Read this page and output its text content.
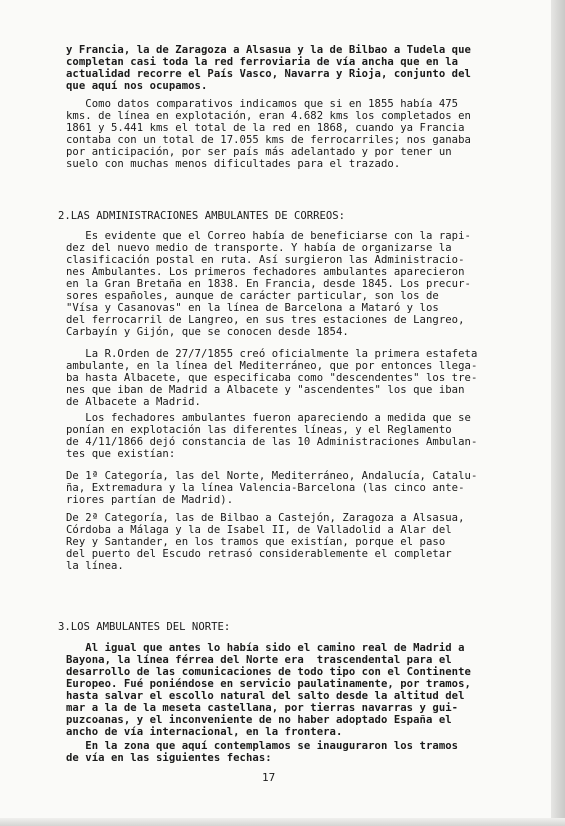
y Francia, la de Zaragoza a Alsasua y la de Bilbao a Tudela que
completan casi toda la red ferroviaria de vía ancha que en la
actualidad recorre el País Vasco, Navarra y Rioja, conjunto del
que aquí nos ocupamos.

Como datos comparativos indicamos que si en 1855 había 475
kms. de línea en explotación, eran 4.682 kms los completados en
1861 y 5.441 kms el total de la red en 1868, cuando ya Francia
contaba con un total de 17.055 kms de ferrocarriles; nos ganaba
por anticipación, por ser país más adelantado y por tener un
suelo con muchas menos dificultades para el trazado.

2.LAS ADMINISTRACIONES AMBULANTES DE CORREOS:

Es evidente que el Correo había de beneficiarse con la rapi-
dez del nuevo medio de transporte. Y había de organizarse la
clasificación postal en ruta. Así surgieron las Administracio-
nes Ambulantes. Los primeros fechadores ambulantes aparecieron
en la Gran Bretaña en 1838. En Francia, desde 1845. Los precur-
sores españoles, aunque de carácter particular, son los de
"Vísa y Casanovas" en la línea de Barcelona a Mataró y los
del ferrocarril de Langreo, en sus tres estaciones de Langreo,
Carbayín y Gijón, que se conocen desde 1854.

La R.Orden de 27/7/1855 creó oficialmente la primera estafeta
ambulante, en la línea del Mediterráneo, que por entonces llega-
ba hasta Albacete, que especificaba como "descendentes" los tre-
nes que iban de Madrid a Albacete y "ascendentes" los que iban
de Albacete a Madrid.

Los fechadores ambulantes fueron apareciendo a medida que se
ponían en explotación las diferentes líneas, y el Reglamento
de 4/11/1866 dejó constancia de las 10 Administraciones Ambulan-
tes que existían:

De 1ª Categoría, las del Norte, Mediterráneo, Andalucía, Catalu-
ña, Extremadura y la línea Valencia-Barcelona (las cinco ante-
riores partían de Madrid).

De 2ª Categoría, las de Bilbao a Castejón, Zaragoza a Alsasua,
Córdoba a Málaga y la de Isabel II, de Valladolid a Alar del
Rey y Santander, en los tramos que existían, porque el paso
del puerto del Escudo retrasó considerablemente el completar
la línea.

3.LOS AMBULANTES DEL NORTE:

Al igual que antes lo había sido el camino real de Madrid a
Bayona, la línea férrea del Norte era  trascendental para el
desarrollo de las comunicaciones de todo tipo con el Continente
Europeo. Fué poniéndose en servicio paulatinamente, por tramos,
hasta salvar el escollo natural del salto desde la altitud del
mar a la de la meseta castellana, por tierras navarras y gui-
puzcoanas, y el inconveniente de no haber adoptado España el
ancho de vía internacional, en la frontera.

En la zona que aquí contemplamos se inauguraron los tramos
de vía en las siguientes fechas:

17
